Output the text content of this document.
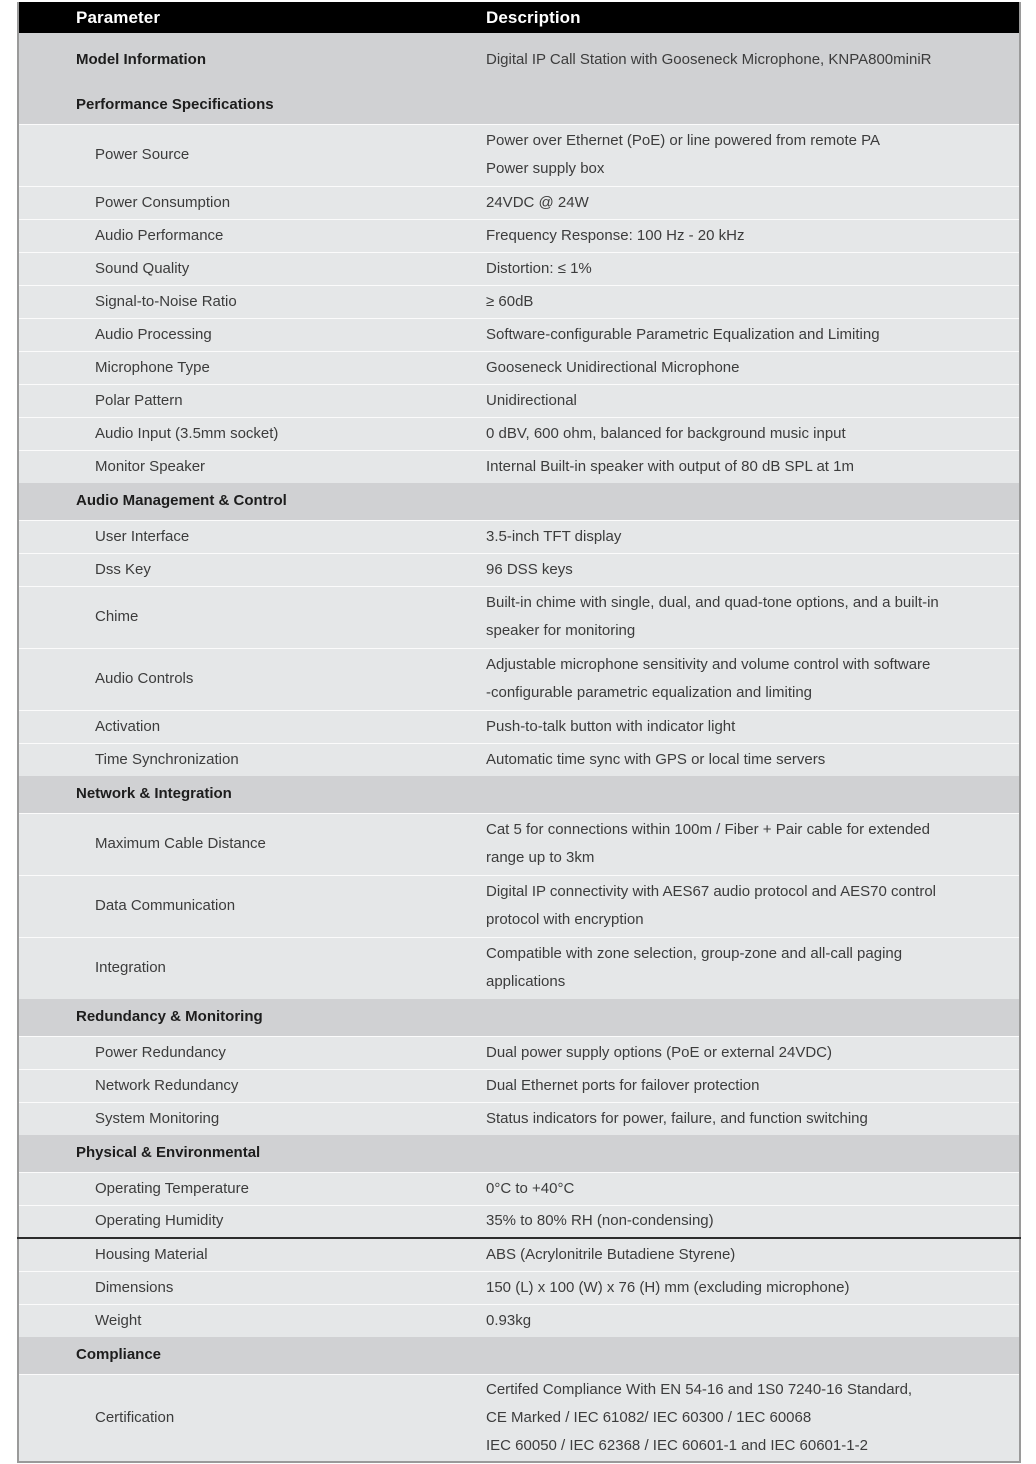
Parameter	Description
Model Information	Digital IP Call Station with Gooseneck Microphone, KNPA800miniR

Performance Specifications	
Power Source	Power over Ethernet (PoE) or line powered from remote PA
Power supply box

Power Consumption	24VDC @ 24W

Audio Performance	Frequency Response: 100 Hz - 20 kHz

Sound Quality	Distortion: ≤ 1%

Signal-to-Noise Ratio	≥ 60dB

Audio Processing	Software-configurable Parametric Equalization and Limiting

Microphone Type	Gooseneck Unidirectional Microphone

Polar Pattern	Unidirectional

Audio Input (3.5mm socket)	0 dBV, 600 ohm, balanced for background music input

Monitor Speaker	Internal Built-in speaker with output of 80 dB SPL at 1m

Audio Management & Control	
User Interface	3.5-inch TFT display

Dss Key	96 DSS keys

Chime	Built-in chime with single, dual, and quad-tone options, and a built-in
speaker for monitoring

Audio Controls	Adjustable microphone sensitivity and volume control with software
-configurable parametric equalization and limiting

Activation	Push-to-talk button with indicator light

Time Synchronization	Automatic time sync with GPS or local time servers

Network & Integration	
Maximum Cable Distance	Cat 5 for connections within 100m / Fiber + Pair cable for extended
range up to 3km

Data Communication	Digital IP connectivity with AES67 audio protocol and AES70 control
protocol with encryption

Integration	Compatible with zone selection, group-zone and all-call paging
applications

Redundancy & Monitoring	
Power Redundancy	Dual power supply options (PoE or external 24VDC)

Network Redundancy	Dual Ethernet ports for failover protection

System Monitoring	Status indicators for power, failure, and function switching

Physical & Environmental	
Operating Temperature	0°C to +40°C

Operating Humidity	35% to 80% RH (non-condensing)

Housing Material	ABS (Acrylonitrile Butadiene Styrene)

Dimensions	150 (L) x 100 (W) x 76 (H) mm (excluding microphone)

Weight	0.93kg

Compliance	
Certification	Certifed Compliance With EN 54-16 and 1S0 7240-16 Standard,
CE Marked / IEC 61082/ IEC 60300 / 1EC 60068
IEC 60050 / IEC 62368 / IEC 60601-1 and IEC 60601-1-2
